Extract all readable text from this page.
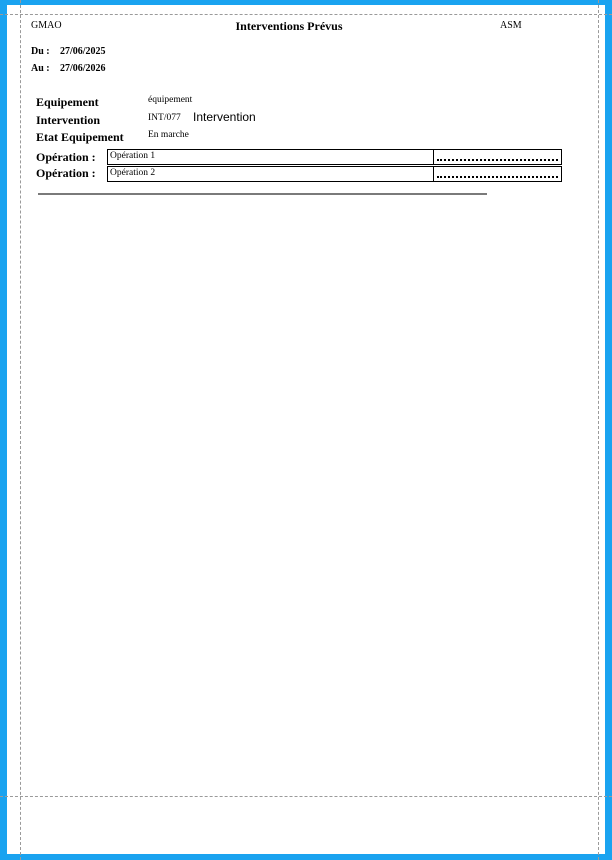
GMAO	Interventions Prévus	ASM
Du : 27/06/2025
Au : 27/06/2026
Equipement	équipement
Intervention	INT/077 Intervention
Etat Equipement	En marche
Opération : Opération 1
Opération : Opération 2
